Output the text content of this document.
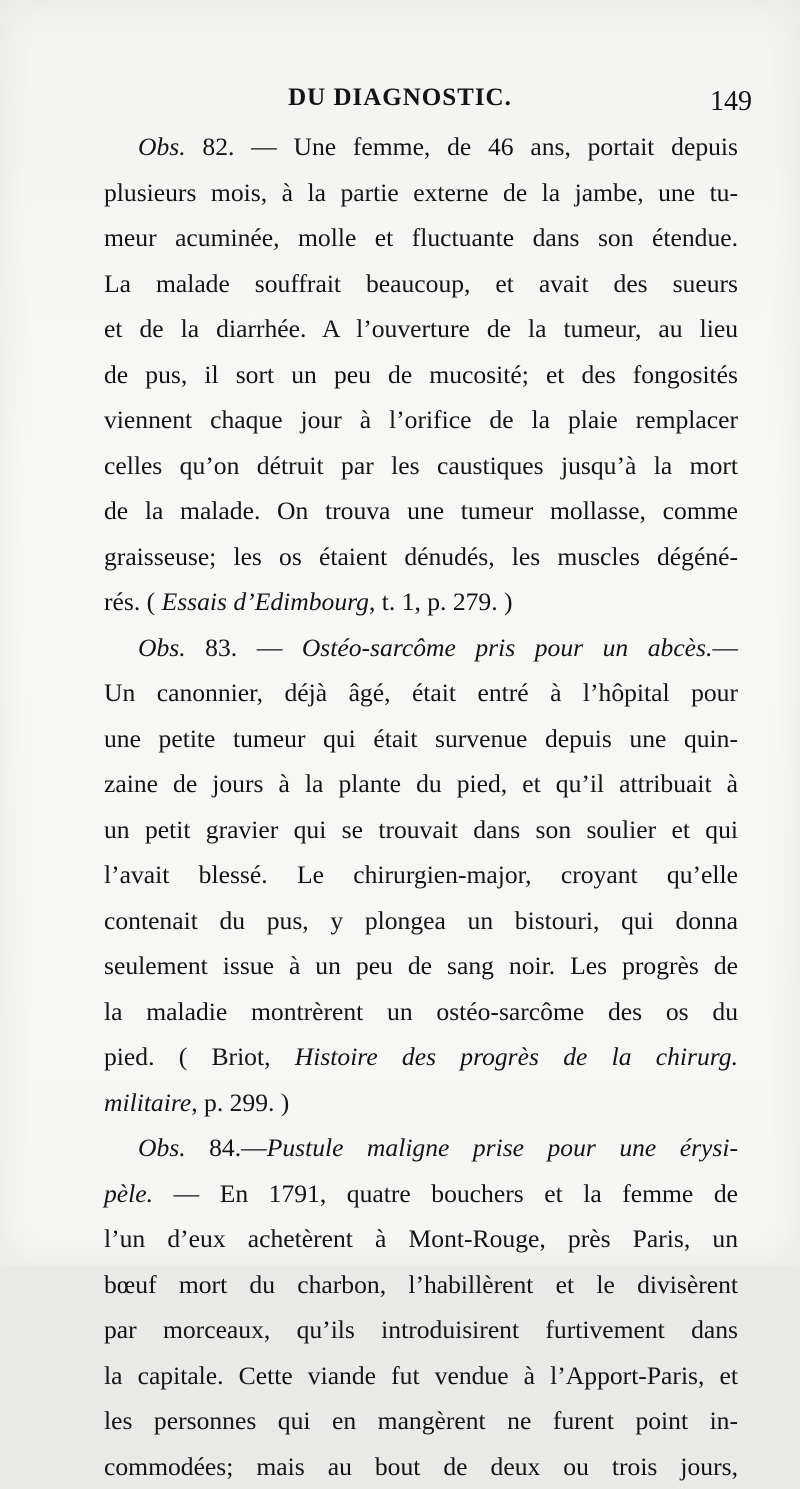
DU DIAGNOSTIC.	149
Obs. 82. — Une femme, de 46 ans, portait depuis
plusieurs mois, à la partie externe de la jambe, une tu-
meur acuminée, molle et fluctuante dans son étendue.
La malade souffrait beaucoup, et avait des sueurs
et de la diarrhée. A l’ouverture de la tumeur, au lieu
de pus, il sort un peu de mucosité; et des fongosités
viennent chaque jour à l’orifice de la plaie remplacer
celles qu’on détruit par les caustiques jusqu’à la mort
de la malade. On trouva une tumeur mollasse, comme
graisseuse; les os étaient dénudés, les muscles dégéné-
rés. ( Essais d’Edimbourg, t. 1, p. 279. )
Obs. 83. — Ostéo-sarcôme pris pour un abcès.—
Un canonnier, déjà âgé, était entré à l’hôpital pour
une petite tumeur qui était survenue depuis une quin-
zaine de jours à la plante du pied, et qu’il attribuait à
un petit gravier qui se trouvait dans son soulier et qui
l’avait blessé. Le chirurgien-major, croyant qu’elle
contenait du pus, y plongea un bistouri, qui donna
seulement issue à un peu de sang noir. Les progrès de
la maladie montrèrent un ostéo-sarcôme des os du
pied. ( Briot, Histoire des progrès de la chirurg.
militaire, p. 299. )
Obs. 84.—Pustule maligne prise pour une érysi-
pèle. — En 1791, quatre bouchers et la femme de
l’un d’eux achetèrent à Mont-Rouge, près Paris, un
bœuf mort du charbon, l’habillèrent et le divisèrent
par morceaux, qu’ils introduisirent furtivement dans
la capitale. Cette viande fut vendue à l’Apport-Paris, et
les personnes qui en mangèrent ne furent point in-
commodées; mais au bout de deux ou trois jours,
